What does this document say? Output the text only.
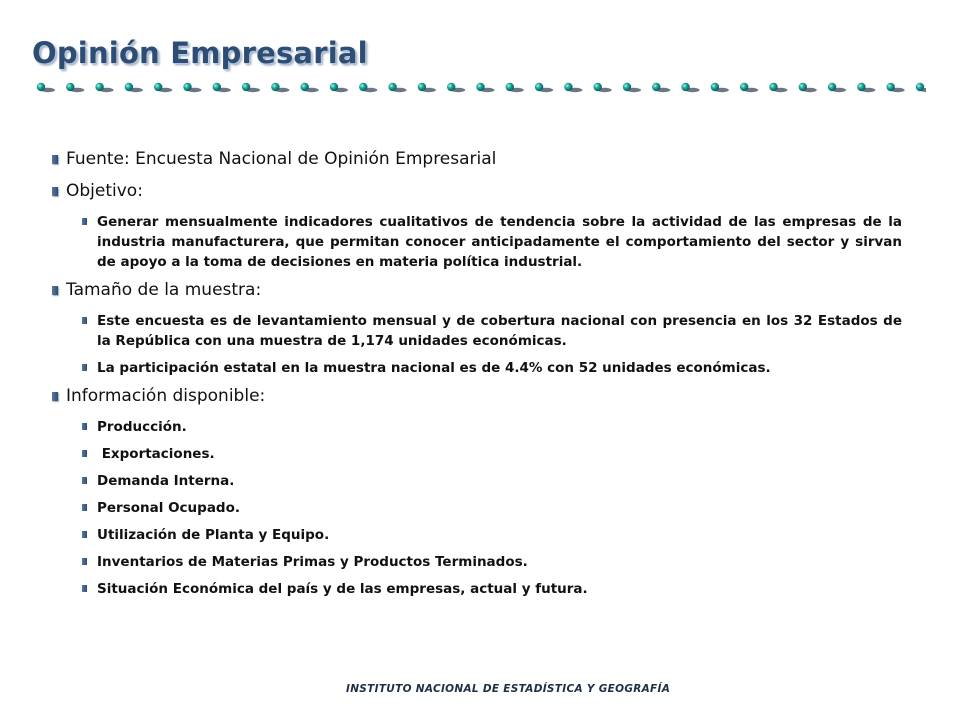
Opinión Empresarial
Fuente: Encuesta Nacional de Opinión Empresarial
Objetivo:
Generar mensualmente indicadores cualitativos de tendencia sobre la actividad de las empresas de la industria manufacturera, que permitan conocer anticipadamente el comportamiento del sector y sirvan de apoyo a la toma de decisiones en materia política industrial.
Tamaño de la muestra:
Este encuesta es de levantamiento mensual y de cobertura nacional con presencia en los 32 Estados de la República con una muestra de 1,174 unidades económicas.
La participación estatal en la muestra nacional es de 4.4% con 52 unidades económicas.
Información disponible:
Producción.
Exportaciones.
Demanda Interna.
Personal Ocupado.
Utilización de Planta y Equipo.
Inventarios de Materias Primas y Productos Terminados.
Situación Económica del país y de las empresas, actual y futura.
INSTITUTO NACIONAL DE ESTADÍSTICA Y GEOGRAFÍA
